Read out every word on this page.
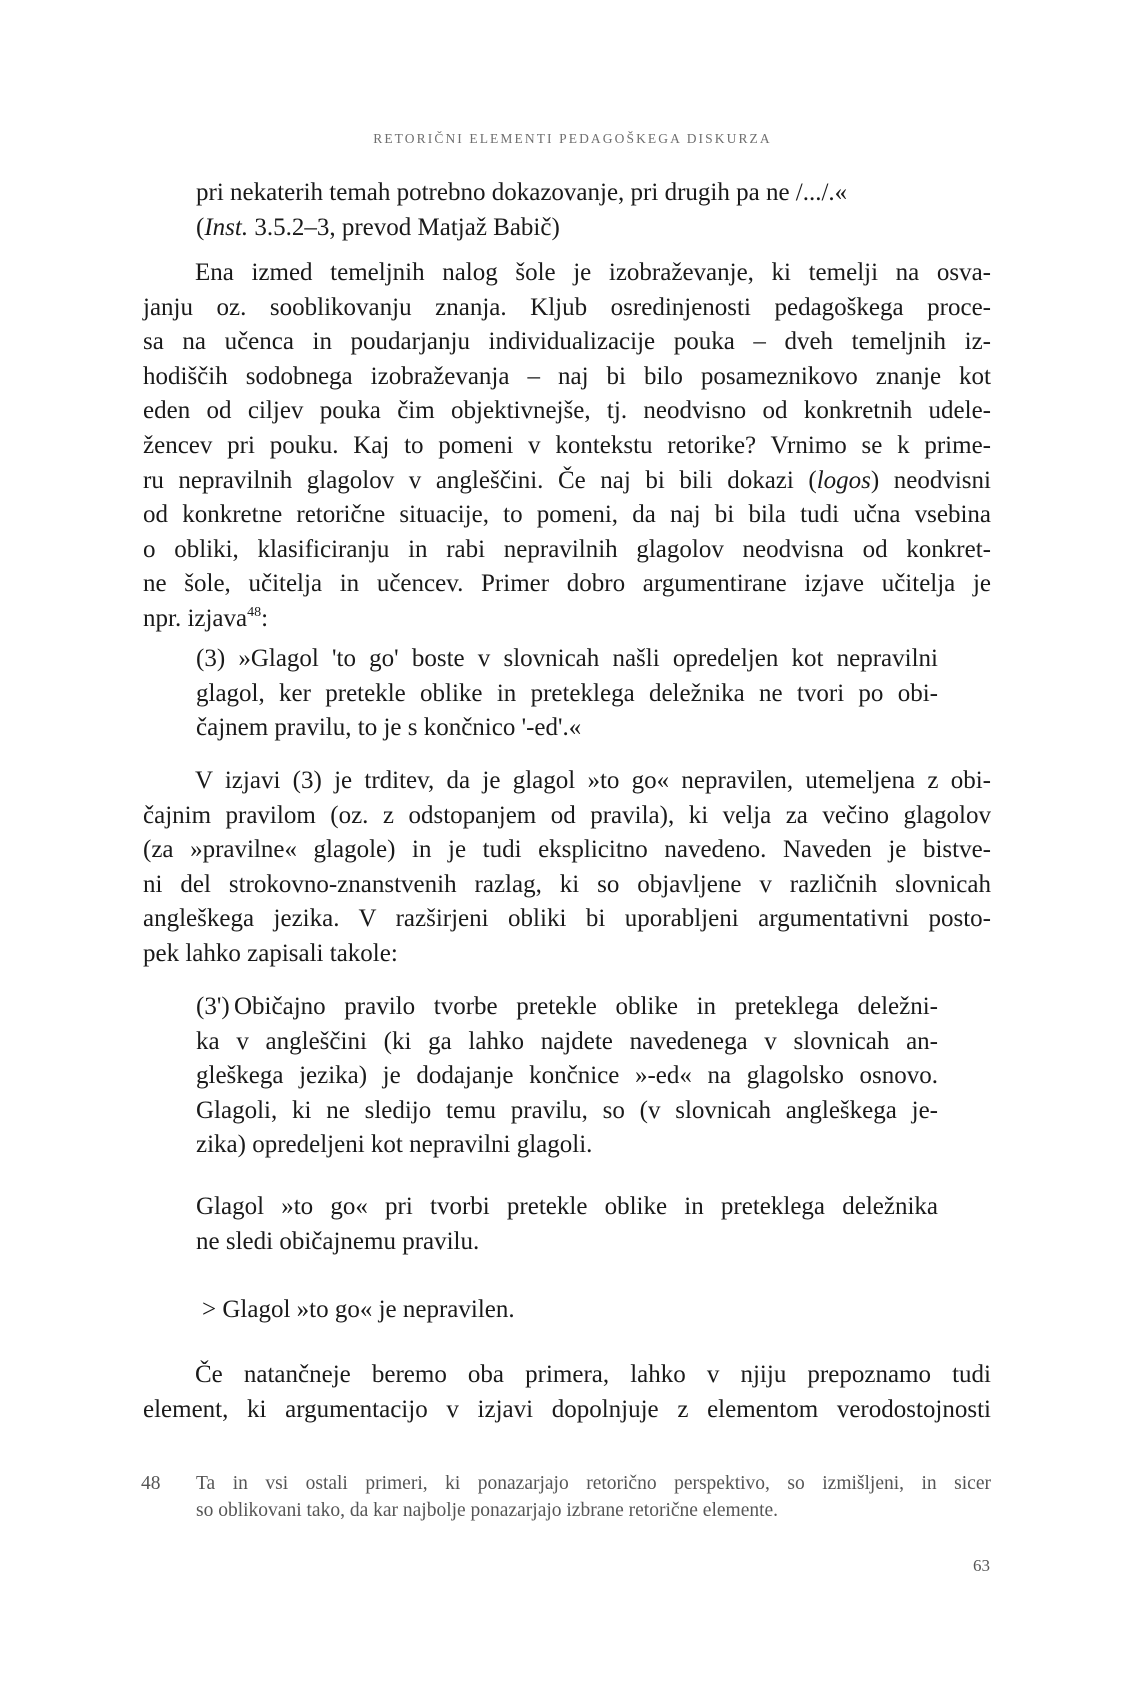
RETORIČNI ELEMENTI PEDAGOŠKEGA DISKURZA
pri nekaterih temah potrebno dokazovanje, pri drugih pa ne /.../.«
(Inst. 3.5.2–3, prevod Matjaž Babič)
Ena izmed temeljnih nalog šole je izobraževanje, ki temelji na osva-
janju oz. sooblikovanju znanja. Kljub osredinjenosti pedagoškega proce-
sa na učenca in poudarjanju individualizacije pouka – dveh temeljnih iz-
hodiščih sodobnega izobraževanja – naj bi bilo posameznikovo znanje kot
eden od ciljev pouka čim objektivnejše, tj. neodvisno od konkretnih udele-
žencev pri pouku. Kaj to pomeni v kontekstu retorike? Vrnimo se k prime-
ru nepravilnih glagolov v angleščini. Če naj bi bili dokazi (logos) neodvisni
od konkretne retorične situacije, to pomeni, da naj bi bila tudi učna vsebina
o obliki, klasificiranju in rabi nepravilnih glagolov neodvisna od konkret-
ne šole, učitelja in učencev. Primer dobro argumentirane izjave učitelja je
npr. izjava$^{48}$:
(3) »Glagol 'to go' boste v slovnicah našli opredeljen kot nepravilni
glagol, ker pretekle oblike in preteklega deležnika ne tvori po obi-
čajnem pravilu, to je s končnico '-ed'.«
V izjavi (3) je trditev, da je glagol »to go« nepravilen, utemeljena z obi-
čajnim pravilom (oz. z odstopanjem od pravila), ki velja za večino glagolov
(za »pravilne« glagole) in je tudi eksplicitno navedeno. Naveden je bistve-
ni del strokovno-znanstvenih razlag, ki so objavljene v različnih slovnicah
angleškega jezika. V razširjeni obliki bi uporabljeni argumentativni posto-
pek lahko zapisali takole:
(3') Običajno pravilo tvorbe pretekle oblike in preteklega deležni-
ka v angleščini (ki ga lahko najdete navedenega v slovnicah an-
gleškega jezika) je dodajanje končnice »-ed« na glagolsko osnovo.
Glagoli, ki ne sledijo temu pravilu, so (v slovnicah angleškega je-
zika) opredeljeni kot nepravilni glagoli.
Glagol »to go« pri tvorbi pretekle oblike in preteklega deležnika
ne sledi običajnemu pravilu.
> Glagol »to go« je nepravilen.
Če natančneje beremo oba primera, lahko v njiju prepoznamo tudi
element, ki argumentacijo v izjavi dopolnjuje z elementom verodostojnosti
48 Ta in vsi ostali primeri, ki ponazarjajo retorično perspektivo, so izmišljeni, in sicer
so oblikovani tako, da kar najbolje ponazarjajo izbrane retorične elemente.
63
